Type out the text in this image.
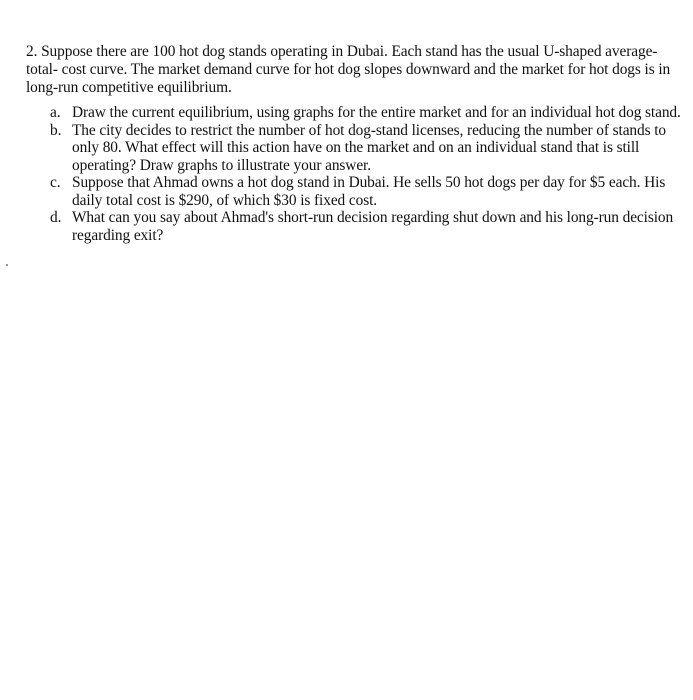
2. Suppose there are 100 hot dog stands operating in Dubai. Each stand has the usual U-shaped average-total- cost curve. The market demand curve for hot dog slopes downward and the market for hot dogs is in long-run competitive equilibrium.

a. Draw the current equilibrium, using graphs for the entire market and for an individual hot dog stand.
b. The city decides to restrict the number of hot dog-stand licenses, reducing the number of stands to only 80. What effect will this action have on the market and on an individual stand that is still operating? Draw graphs to illustrate your answer.
c. Suppose that Ahmad owns a hot dog stand in Dubai. He sells 50 hot dogs per day for $5 each. His daily total cost is $290, of which $30 is fixed cost.
d. What can you say about Ahmad's short-run decision regarding shut down and his long-run decision regarding exit?
